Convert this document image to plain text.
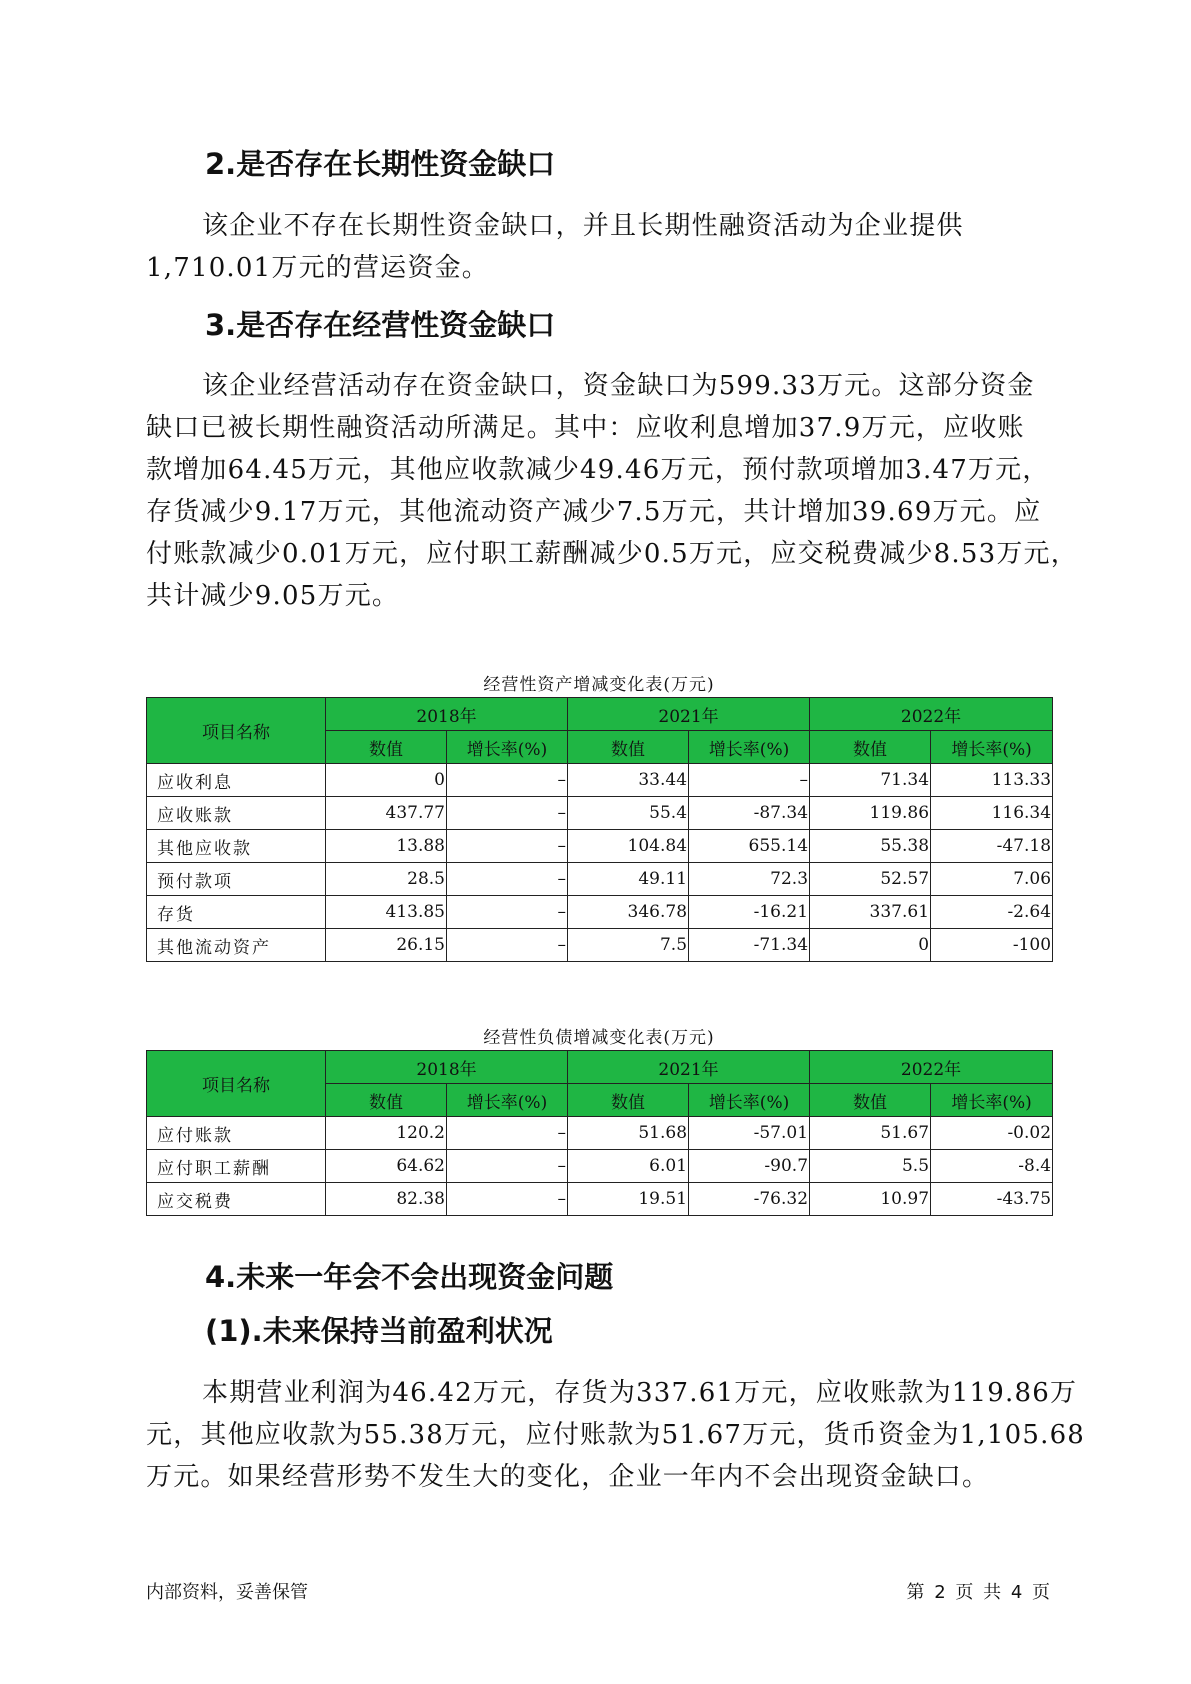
2.是否存在长期性资金缺口
该企业不存在长期性资金缺口，并且长期性融资活动为企业提供
1,710.01万元的营运资金。
3.是否存在经营性资金缺口
该企业经营活动存在资金缺口，资金缺口为599.33万元。这部分资金
缺口已被长期性融资活动所满足。其中：应收利息增加37.9万元，应收账
款增加64.45万元，其他应收款减少49.46万元，预付款项增加3.47万元，
存货减少9.17万元，其他流动资产减少7.5万元，共计增加39.69万元。应
付账款减少0.01万元，应付职工薪酬减少0.5万元，应交税费减少8.53万元，
共计减少9.05万元。
经营性资产增减变化表(万元)
项目名称	2018年		2021年		2022年	
	数值	增长率(%)	数值	增长率(%)	数值	增长率(%)
应收利息	0	–	33.44	–	71.34	113.33
应收账款	437.77	–	55.4	-87.34	119.86	116.34
其他应收款	13.88	–	104.84	655.14	55.38	-47.18
预付款项	28.5	–	49.11	72.3	52.57	7.06
存货	413.85	–	346.78	-16.21	337.61	-2.64
其他流动资产	26.15	–	7.5	-71.34	0	-100
经营性负债增减变化表(万元)
项目名称	2018年		2021年		2022年	
	数值	增长率(%)	数值	增长率(%)	数值	增长率(%)
应付账款	120.2	–	51.68	-57.01	51.67	-0.02
应付职工薪酬	64.62	–	6.01	-90.7	5.5	-8.4
应交税费	82.38	–	19.51	-76.32	10.97	-43.75
4.未来一年会不会出现资金问题
(1).未来保持当前盈利状况
本期营业利润为46.42万元，存货为337.61万元，应收账款为119.86万
元，其他应收款为55.38万元，应付账款为51.67万元，货币资金为1,105.68
万元。如果经营形势不发生大的变化，企业一年内不会出现资金缺口。
内部资料，妥善保管	第 2 页 共 4 页
